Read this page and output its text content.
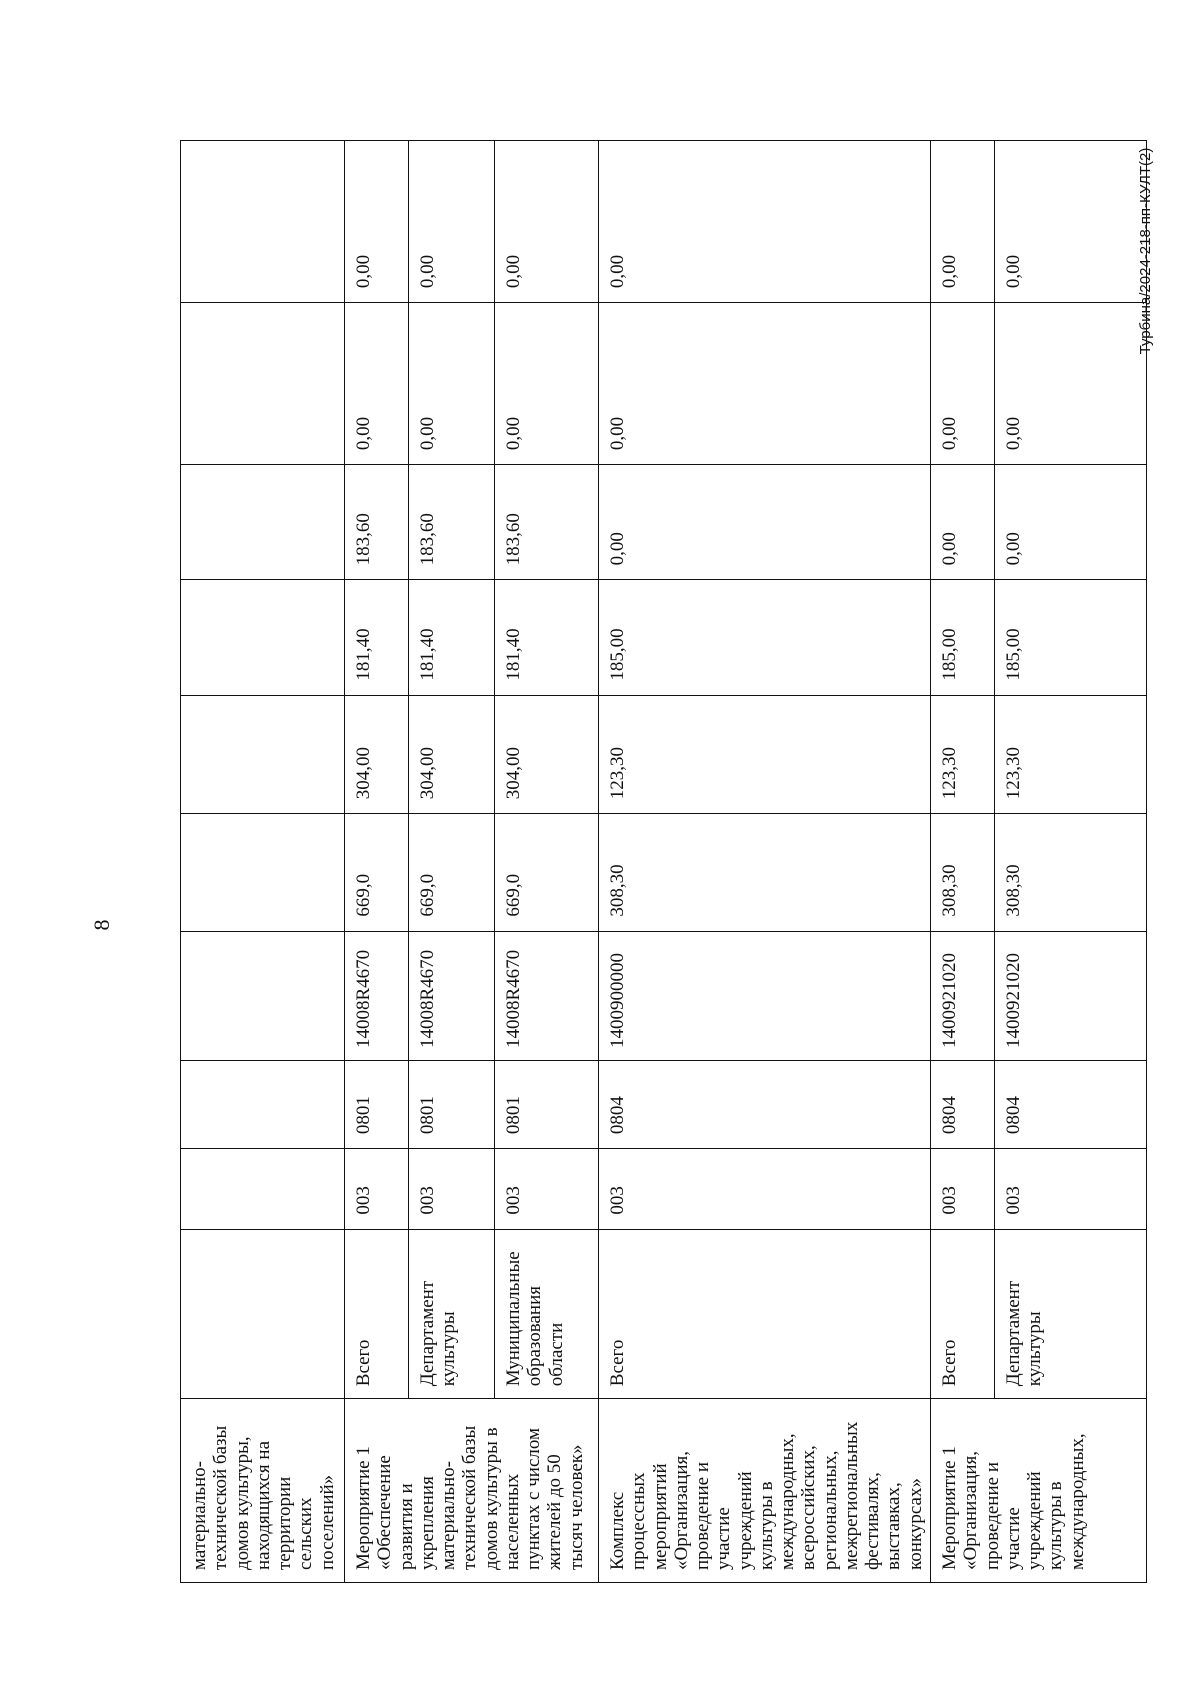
8
Турбина/2024-218-пп-КУЛТ(2)
материально-технической базы домов культуры, находящихся на территории сельских поселений»										
Мероприятие 1 «Обеспечение развития и укрепления материально-технической базы домов культуры в населенных пунктах с числом жителей до 50 тысяч человек»	Всего	003	0801	14008R4670	669,0	304,00	181,40	183,60	0,00	0,00
	Департамент культуры	003	0801	14008R4670	669,0	304,00	181,40	183,60	0,00	0,00
	Муниципальные образования области	003	0801	14008R4670	669,0	304,00	181,40	183,60	0,00	0,00
Комплекс процессных мероприятий «Организация, проведение и участие учреждений культуры в международных, всероссийских, региональных, межрегиональных фестивалях, выставках, конкурсах»	Всего	003	0804	1400900000	308,30	123,30	185,00	0,00	0,00	0,00
Мероприятие 1 «Организация, проведение и участие учреждений культуры в международных,	Всего	003	0804	1400921020	308,30	123,30	185,00	0,00	0,00	0,00
	Департамент культуры	003	0804	1400921020	308,30	123,30	185,00	0,00	0,00	0,00
